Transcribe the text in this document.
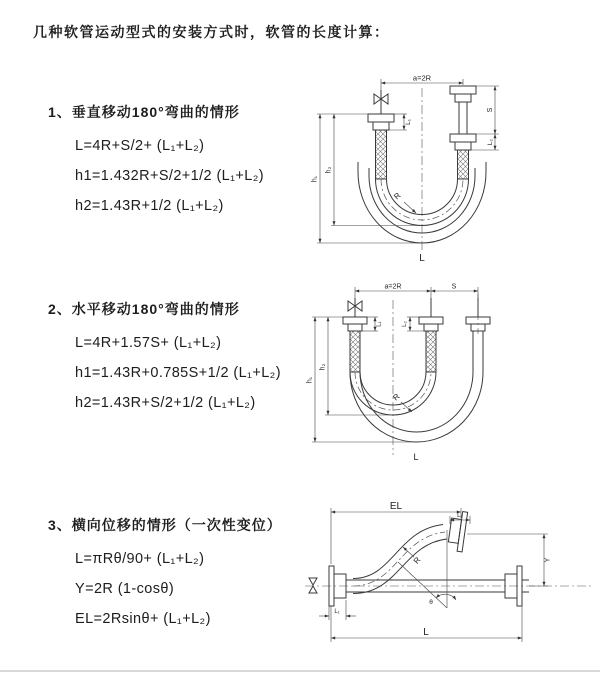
几种软管运动型式的安装方式时，软管的长度计算：
1、垂直移动180°弯曲的情形
L=4R+S/2+ (L₁+L₂)
h1=1.432R+S/2+1/2 (L₁+L₂)
h2=1.43R+1/2 (L₁+L₂)
a=2R
R
S
L₂
L₁
h₁
h₂
L
2、水平移动180°弯曲的情形
L=4R+1.57S+ (L₁+L₂)
h1=1.43R+0.785S+1/2 (L₁+L₂)
h2=1.43R+S/2+1/2 (L₁+L₂)
a=2R	S
R
L₁	L₂
h₁
h₂
L
3、横向位移的情形（一次性变位）
L=πRθ/90+ (L₁+L₂)
Y=2R (1-cosθ)
EL=2Rsinθ+ (L₁+L₂)
θ
R
EL
L₂
Y
L
L₁
